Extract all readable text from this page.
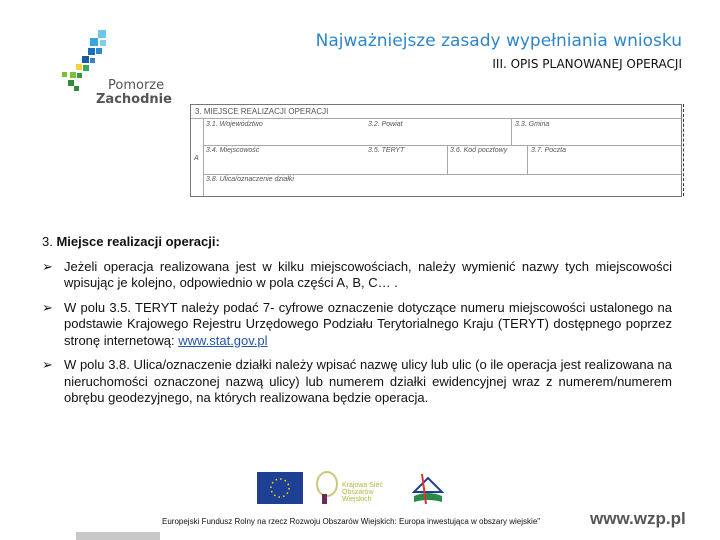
Pomorze
Zachodnie
Najważniejsze zasady wypełniania wniosku
III. OPIS PLANOWANEJ OPERACJI
3. MIEJSCE REALIZACJI OPERACJI
A
3.1. Województwo	3.2. Powiat	3.3. Gmina
3.4. Miejscowość	3.5. TERYT	3.6. Kod pocztowy	3.7. Poczta
3.8. Ulica/oznaczenie działki

3. Miejsce realizacji operacji:

➢ Jeżeli operacja realizowana jest w kilku miejscowościach, należy wymienić nazwy tych miejscowości wpisując je kolejno, odpowiednio w pola części A, B, C… .
➢ W polu 3.5. TERYT należy podać 7- cyfrowe oznaczenie dotyczące numeru miejscowości ustalonego na podstawie Krajowego Rejestru Urzędowego Podziału Terytorialnego Kraju (TERYT) dostępnego poprzez stronę internetową: www.stat.gov.pl
➢ W polu 3.8. Ulica/oznaczenie działki należy wpisać nazwę ulicy lub ulic (o ile operacja jest realizowana na nieruchomości oznaczonej nazwą ulicy) lub numerem działki ewidencyjnej wraz z numerem/numerem obrębu geodezyjnego, na których realizowana będzie operacja.
Krajowa Sieć Obszarów Wiejskich
Europejski Fundusz Rolny na rzecz Rozwoju Obszarów Wiejskich: Europa inwestująca w obszary wiejskie"	www.wzp.pl
